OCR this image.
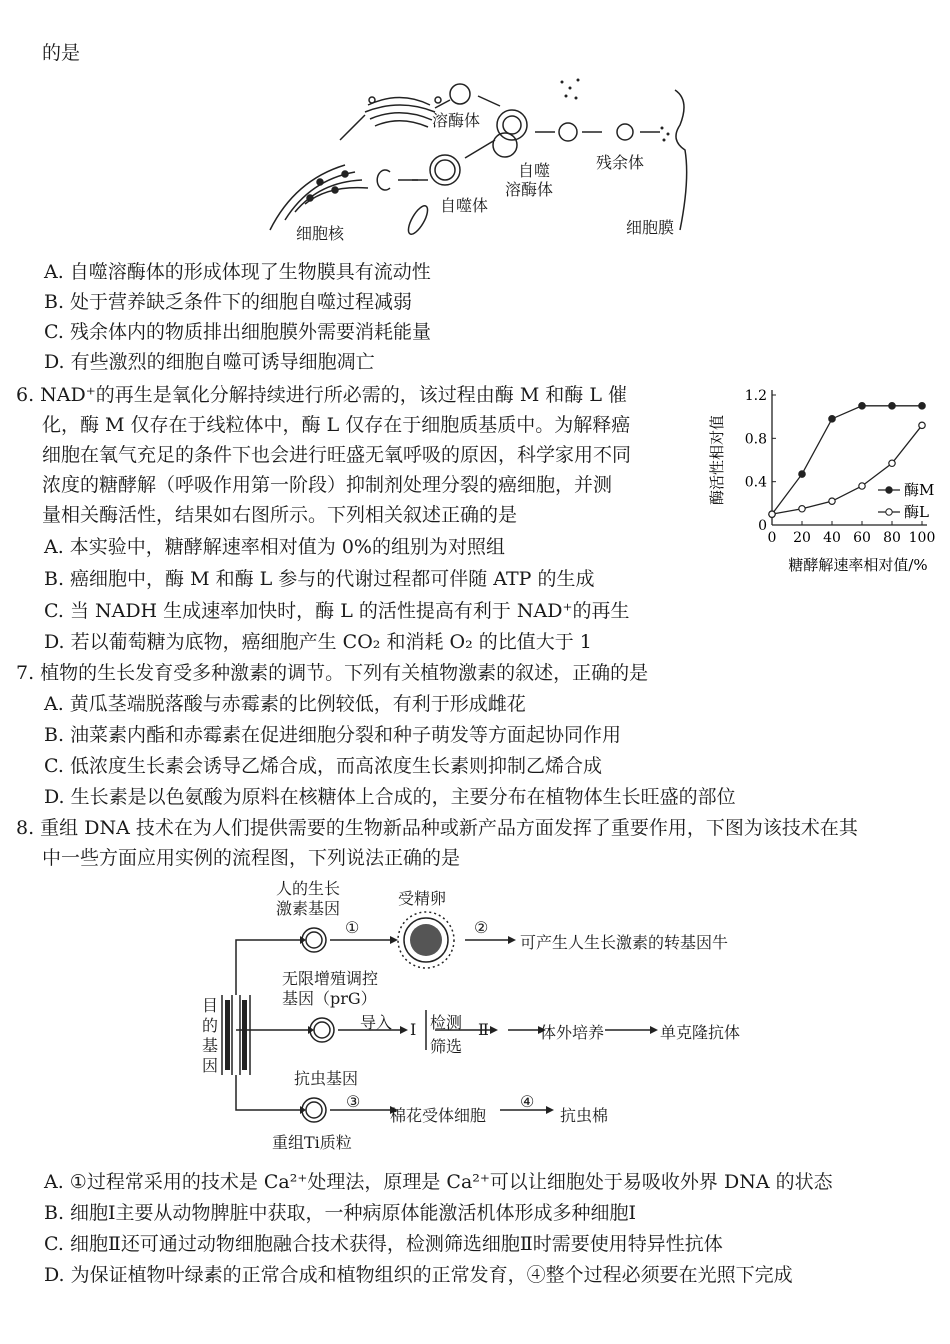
的是
溶酶体
自噬
溶酶体
残余体
自噬体
细胞核	细胞膜
A. 自噬溶酶体的形成体现了生物膜具有流动性
B. 处于营养缺乏条件下的细胞自噬过程减弱
C. 残余体内的物质排出细胞膜外需要消耗能量
D. 有些激烈的细胞自噬可诱导细胞凋亡
6. NAD⁺的再生是氧化分解持续进行所必需的，该过程由酶 M 和酶 L 催
化，酶 M 仅存在于线粒体中，酶 L 仅存在于细胞质基质中。为解释癌
细胞在氧气充足的条件下也会进行旺盛无氧呼吸的原因，科学家用不同
浓度的糖酵解（呼吸作用第一阶段）抑制剂处理分裂的癌细胞，并测
量相关酶活性，结果如右图所示。下列相关叙述正确的是
A. 本实验中，糖酵解速率相对值为 0%的组别为对照组
B. 癌细胞中，酶 M 和酶 L 参与的代谢过程都可伴随 ATP 的生成
C. 当 NADH 生成速率加快时，酶 L 的活性提高有利于 NAD⁺的再生
D. 若以葡萄糖为底物，癌细胞产生 CO₂ 和消耗 O₂ 的比值大于 1
0 20 40 60 80 100
0
0.4
0.8
1.2
酶M
酶L
酶活性相对值
糖酵解速率相对值/%
7. 植物的生长发育受多种激素的调节。下列有关植物激素的叙述，正确的是
A. 黄瓜茎端脱落酸与赤霉素的比例较低，有利于形成雌花
B. 油菜素内酯和赤霉素在促进细胞分裂和种子萌发等方面起协同作用
C. 低浓度生长素会诱导乙烯合成，而高浓度生长素则抑制乙烯合成
D. 生长素是以色氨酸为原料在核糖体上合成的，主要分布在植物体生长旺盛的部位
8. 重组 DNA 技术在为人们提供需要的生物新品种或新产品方面发挥了重要作用，下图为该技术在其
中一些方面应用实例的流程图，下列说法正确的是
目
的
基
因
人的生长
激素基因
受精卵
①	②
可产生人生长激素的转基因牛
无限增殖调控
基因（prG）
导入 Ⅰ 检测
筛选
Ⅱ	体外培养	单克隆抗体
抗虫基因
③
棉花受体细胞
④
抗虫棉
重组Ti质粒
A. ①过程常采用的技术是 Ca²⁺处理法，原理是 Ca²⁺可以让细胞处于易吸收外界 DNA 的状态
B. 细胞Ⅰ主要从动物脾脏中获取，一种病原体能激活机体形成多种细胞Ⅰ
C. 细胞Ⅱ还可通过动物细胞融合技术获得，检测筛选细胞Ⅱ时需要使用特异性抗体
D. 为保证植物叶绿素的正常合成和植物组织的正常发育，④整个过程必须要在光照下完成
